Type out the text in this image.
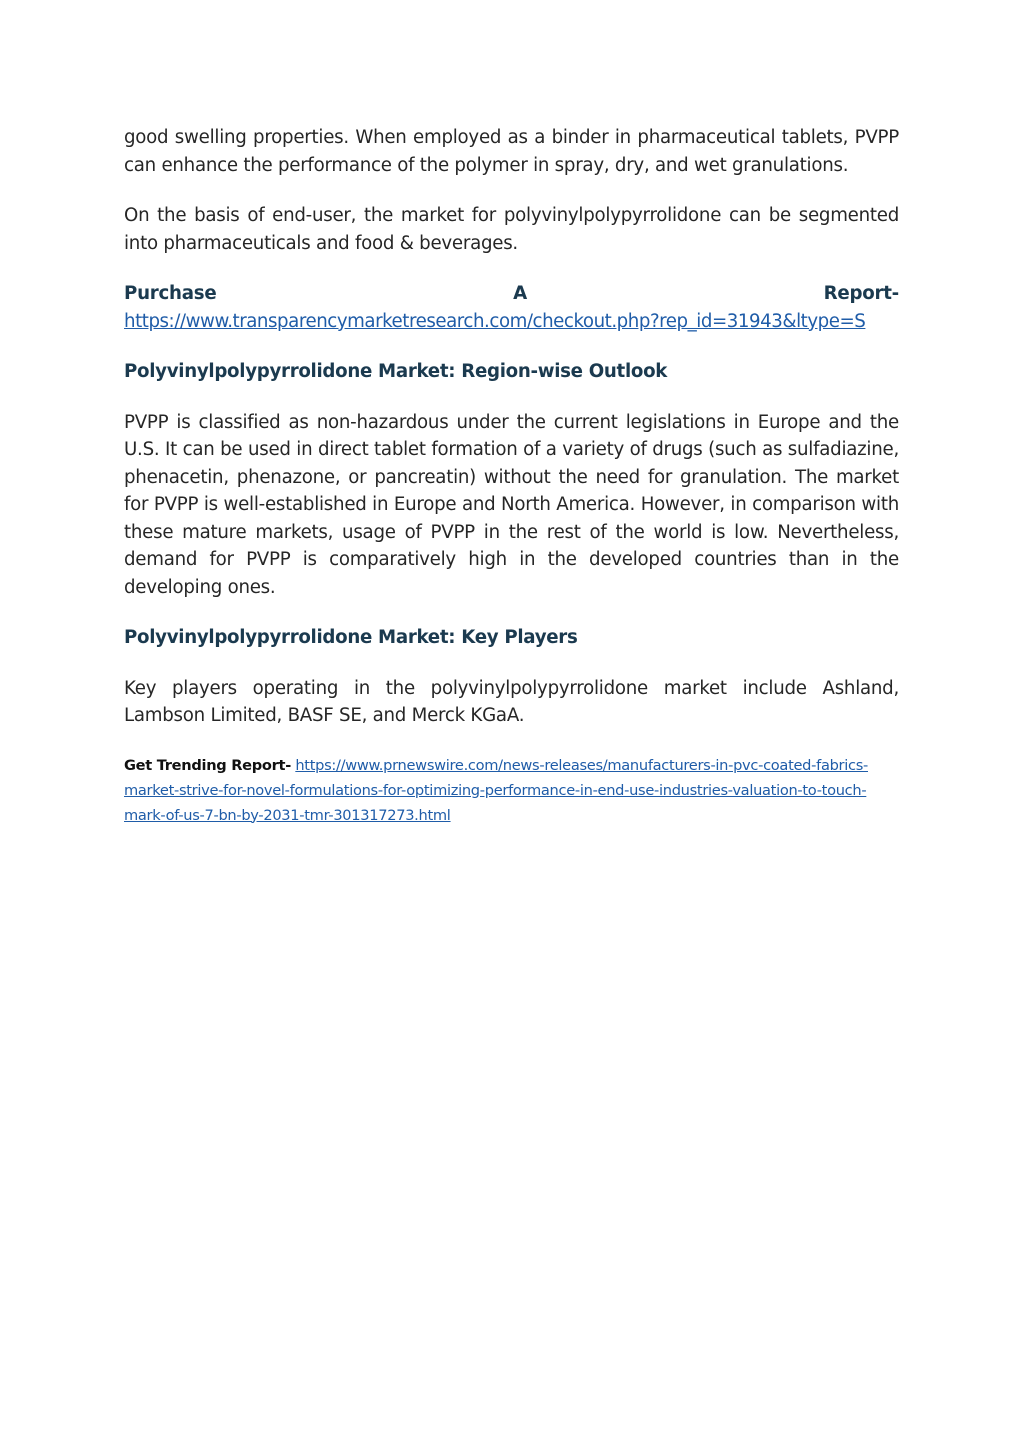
good swelling properties. When employed as a binder in pharmaceutical tablets, PVPP can enhance the performance of the polymer in spray, dry, and wet granulations.

On the basis of end-user, the market for polyvinylpolypyrrolidone can be segmented into pharmaceuticals and food & beverages.

Purchase	A	Report-
https://www.transparencymarketresearch.com/checkout.php?rep_id=31943&ltype=S
Polyvinylpolypyrrolidone Market: Region-wise Outlook

PVPP is classified as non-hazardous under the current legislations in Europe and the U.S. It can be used in direct tablet formation of a variety of drugs (such as sulfadiazine, phenacetin, phenazone, or pancreatin) without the need for granulation. The market for PVPP is well-established in Europe and North America. However, in comparison with these mature markets, usage of PVPP in the rest of the world is low. Nevertheless, demand for PVPP is comparatively high in the developed countries than in the developing ones.

Polyvinylpolypyrrolidone Market: Key Players

Key players operating in the polyvinylpolypyrrolidone market include Ashland, Lambson Limited, BASF SE, and Merck KGaA.

Get Trending Report- https://www.prnewswire.com/news-releases/manufacturers-in-pvc-coated-fabrics-market-strive-for-novel-formulations-for-optimizing-performance-in-end-use-industries-valuation-to-touch-mark-of-us-7-bn-by-2031-tmr-301317273.html
